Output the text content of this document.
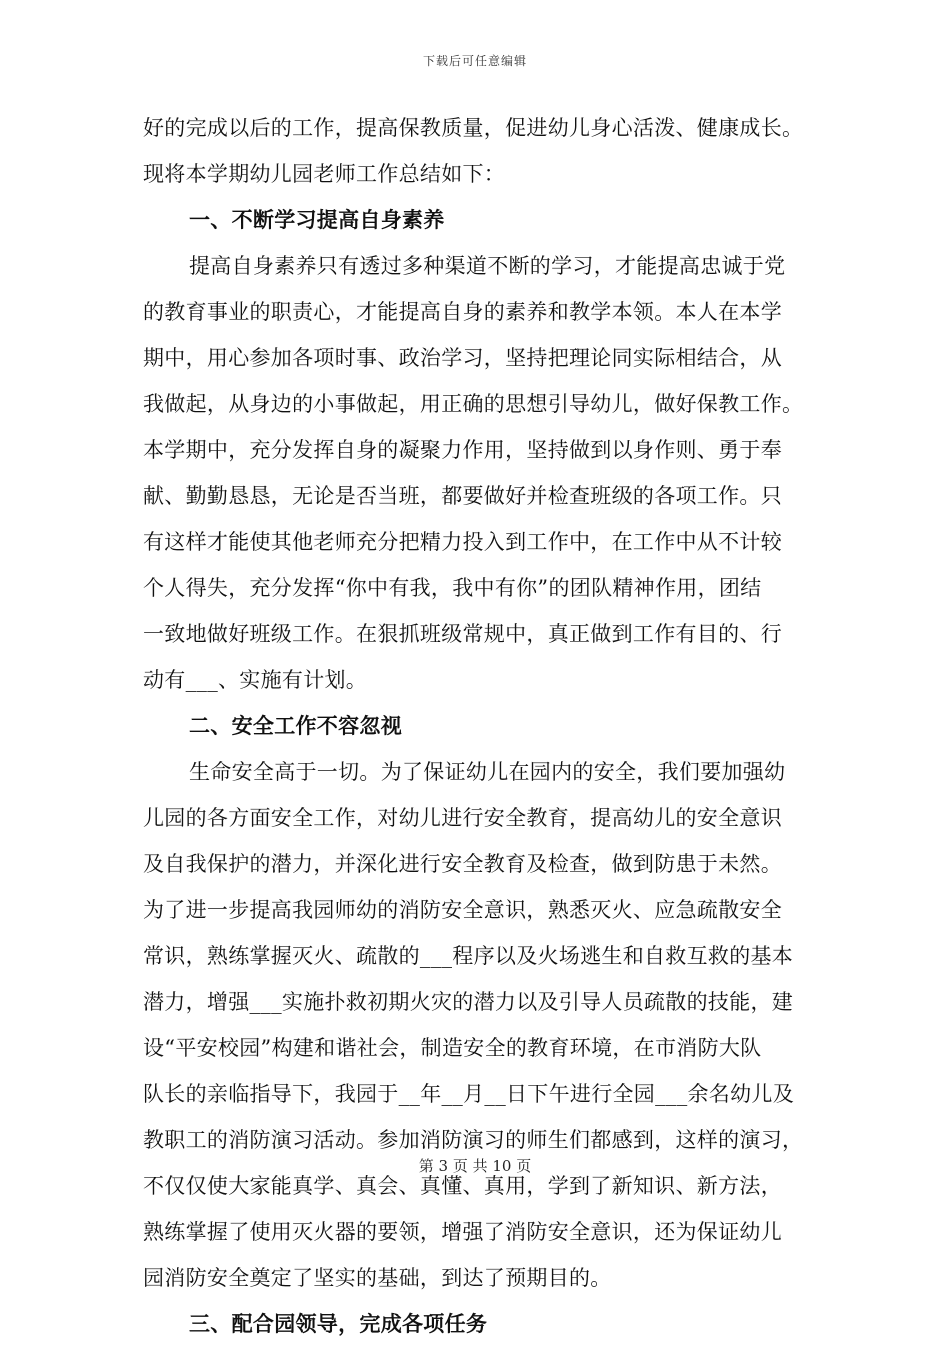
下载后可任意编辑
好的完成以后的工作，提高保教质量，促进幼儿身心活泼、健康成长。
现将本学期幼儿园老师工作总结如下：
一、不断学习提高自身素养
提高自身素养只有透过多种渠道不断的学习，才能提高忠诚于党
的教育事业的职责心，才能提高自身的素养和教学本领。本人在本学
期中，用心参加各项时事、政治学习，坚持把理论同实际相结合，从
我做起，从身边的小事做起，用正确的思想引导幼儿，做好保教工作。
本学期中，充分发挥自身的凝聚力作用，坚持做到以身作则、勇于奉
献、勤勤恳恳，无论是否当班，都要做好并检查班级的各项工作。只
有这样才能使其他老师充分把精力投入到工作中，在工作中从不计较
个人得失，充分发挥“你中有我，我中有你”的团队精神作用，团结
一致地做好班级工作。在狠抓班级常规中，真正做到工作有目的、行
动有___、实施有计划。
二、安全工作不容忽视
生命安全高于一切。为了保证幼儿在园内的安全，我们要加强幼
儿园的各方面安全工作，对幼儿进行安全教育，提高幼儿的安全意识
及自我保护的潜力，并深化进行安全教育及检查，做到防患于未然。
为了进一步提高我园师幼的消防安全意识，熟悉灭火、应急疏散安全
常识，熟练掌握灭火、疏散的___程序以及火场逃生和自救互救的基本
潜力，增强___实施扑救初期火灾的潜力以及引导人员疏散的技能，建
设“平安校园”构建和谐社会，制造安全的教育环境，在市消防大队
队长的亲临指导下，我园于__年__月__日下午进行全园___余名幼儿及
教职工的消防演习活动。参加消防演习的师生们都感到，这样的演习，
不仅仅使大家能真学、真会、真懂、真用，学到了新知识、新方法，
熟练掌握了使用灭火器的要领，增强了消防安全意识，还为保证幼儿
园消防安全奠定了坚实的基础，到达了预期目的。
三、配合园领导，完成各项任务
第 3 页 共 10 页
